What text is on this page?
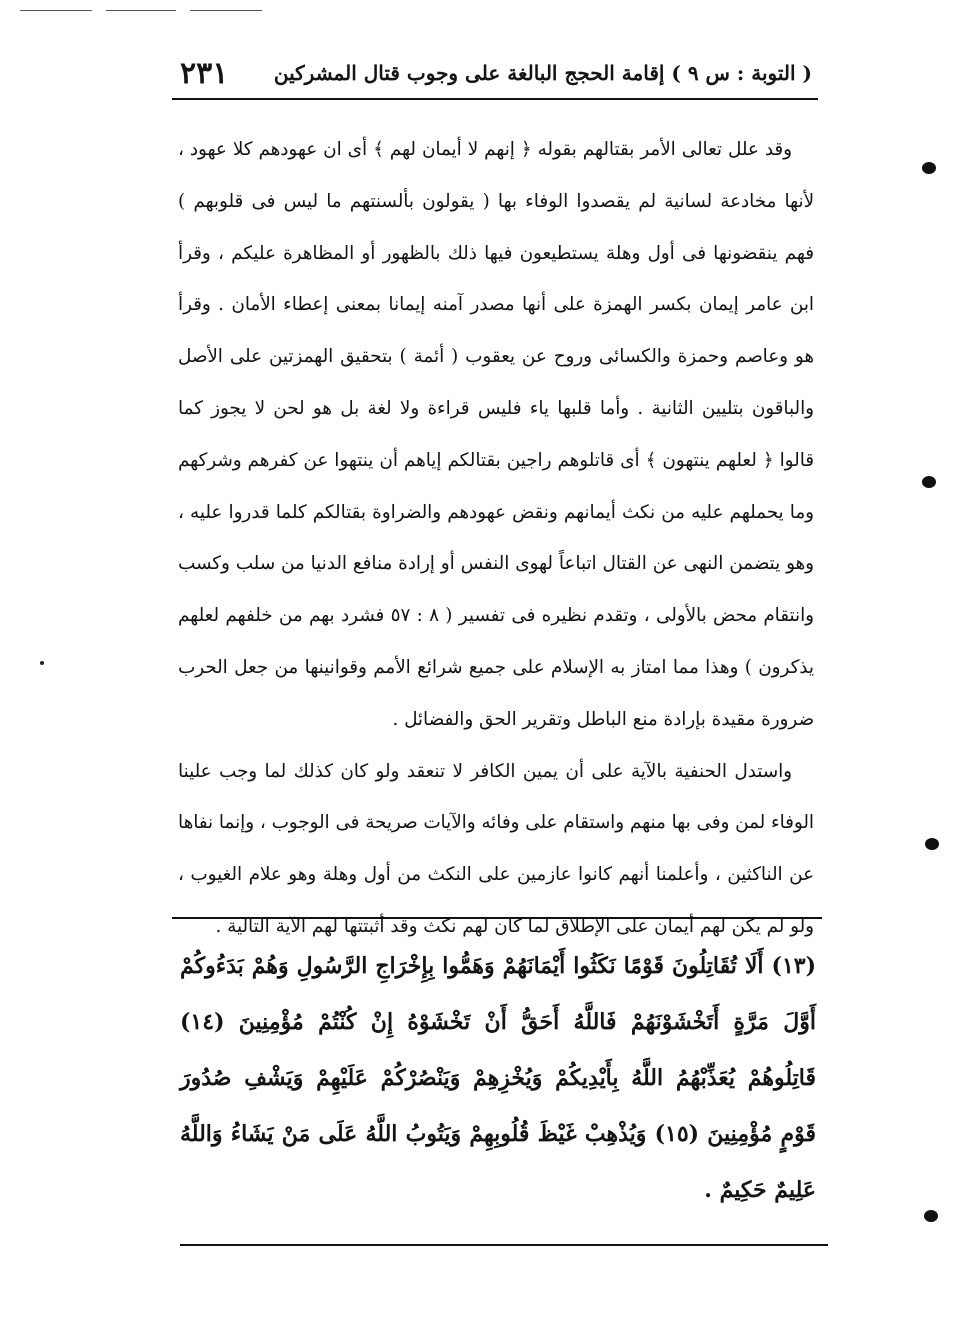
( التوبة : س ٩ ) إقامة الحجج البالغة على وجوب قتال المشركين
٢٣١

وقد علل تعالى الأمر بقتالهم بقوله ﴿ إنهم لا أيمان لهم ﴾ أى ان عهودهم كلا عهود ، لأنها مخادعة لسانية لم يقصدوا الوفاء بها ( يقولون بألسنتهم ما ليس فى قلوبهم ) فهم ينقضونها فى أول وهلة يستطيعون فيها ذلك بالظهور أو المظاهرة عليكم ، وقرأ ابن عامر إيمان بكسر الهمزة على أنها مصدر آمنه إيمانا بمعنى إعطاء الأمان . وقرأ هو وعاصم وحمزة والكسائى وروح عن يعقوب ( أئمة ) بتحقيق الهمزتين على الأصل والباقون بتليين الثانية . وأما قلبها ياء فليس قراءة ولا لغة بل هو لحن لا يجوز كما قالوا ﴿ لعلهم ينتهون ﴾ أى قاتلوهم راجين بقتالكم إياهم أن ينتهوا عن كفرهم وشركهم وما يحملهم عليه من نكث أيمانهم ونقض عهودهم والضراوة بقتالكم كلما قدروا عليه ، وهو يتضمن النهى عن القتال اتباعاً لهوى النفس أو إرادة منافع الدنيا من سلب وكسب وانتقام محض بالأولى ، وتقدم نظيره فى تفسير ( ٨ : ٥٧ فشرد بهم من خلفهم لعلهم يذكرون ) وهذا مما امتاز به الإسلام على جميع شرائع الأمم وقوانينها من جعل الحرب ضرورة مقيدة بإرادة منع الباطل وتقرير الحق والفضائل .

واستدل الحنفية بالآية على أن يمين الكافر لا تنعقد ولو كان كذلك لما وجب علينا الوفاء لمن وفى بها منهم واستقام على وفائه والآيات صريحة فى الوجوب ، وإنما نفاها عن الناكثين ، وأعلمنا أنهم كانوا عازمين على النكث من أول وهلة وهو علام الغيوب ، ولو لم يكن لهم أيمان على الإطلاق لما كان لهم نكث وقد أثبتتها لهم الآية التالية .

(١٣) أَلَا تُقَاتِلُونَ قَوْمًا نَكَثُوا أَيْمَانَهُمْ وَهَمُّوا بِإِخْرَاجِ الرَّسُولِ وَهُمْ بَدَءُوكُمْ أَوَّلَ مَرَّةٍ أَتَخْشَوْنَهُمْ فَاللَّهُ أَحَقُّ أَنْ تَخْشَوْهُ إِنْ كُنْتُمْ مُؤْمِنِينَ (١٤) قَاتِلُوهُمْ يُعَذِّبْهُمُ اللَّهُ بِأَيْدِيكُمْ وَيُخْزِهِمْ وَيَنْصُرْكُمْ عَلَيْهِمْ وَيَشْفِ صُدُورَ قَوْمٍ مُؤْمِنِينَ (١٥) وَيُذْهِبْ غَيْظَ قُلُوبِهِمْ وَيَتُوبُ اللَّهُ عَلَى مَنْ يَشَاءُ وَاللَّهُ عَلِيمٌ حَكِيمٌ .
